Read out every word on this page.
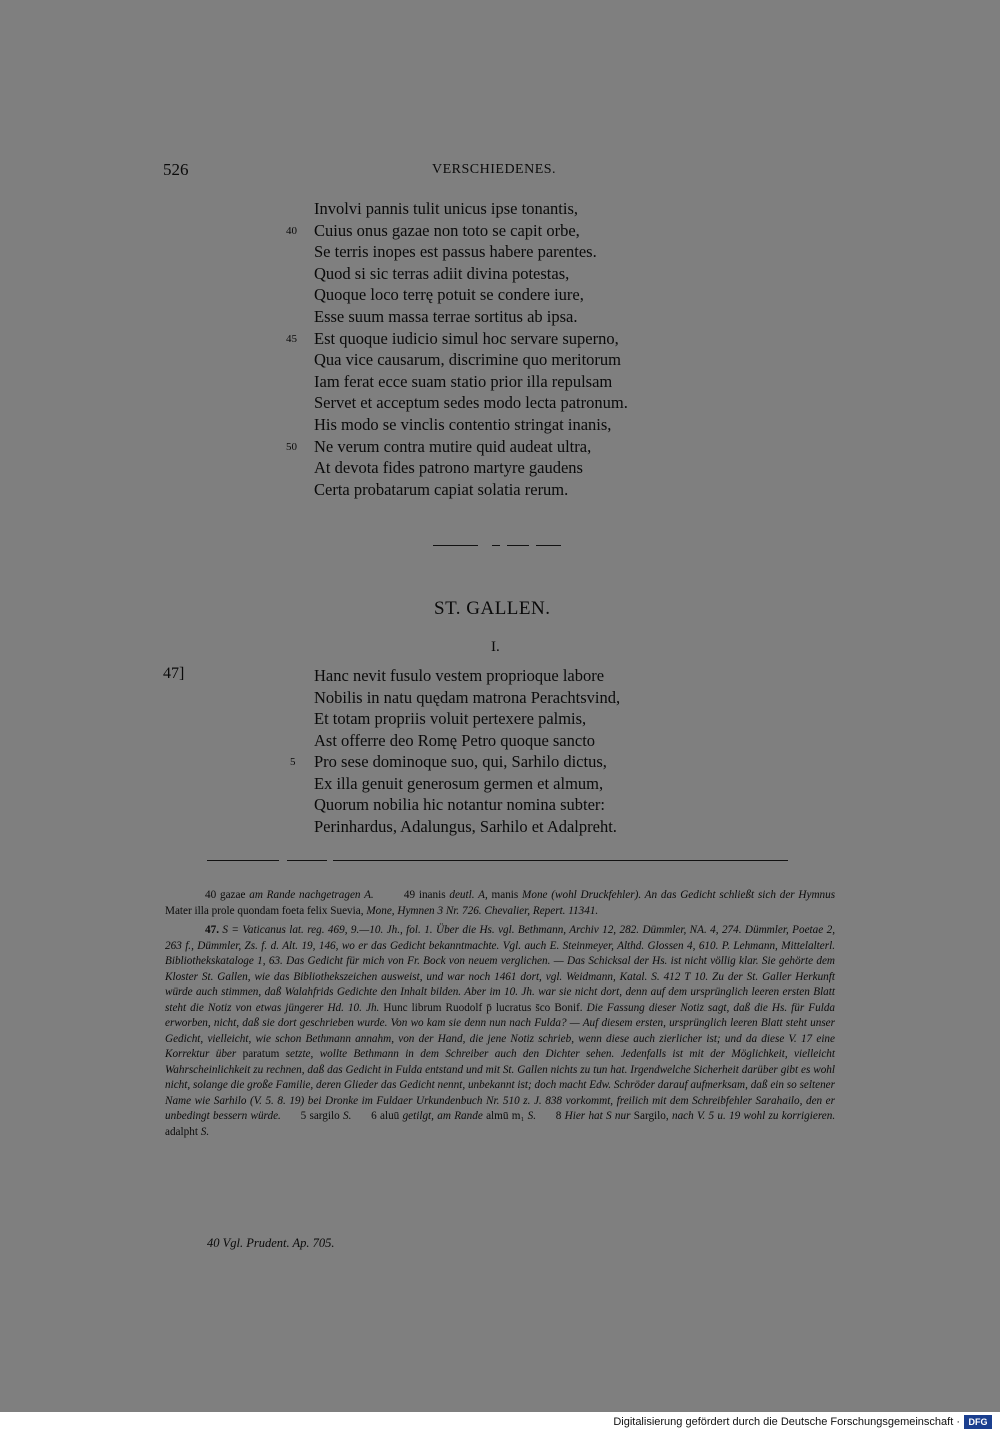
526	VERSCHIEDENES.
Involvi pannis tulit unicus ipse tonantis,
Cuius onus gazae non toto se capit orbe,
Se terris inopes est passus habere parentes.
Quod si sic terras adiit divina potestas,
Quoque loco terrę potuit se condere iure,
Esse suum massa terrae sortitus ab ipsa.
Est quoque iudicio simul hoc servare superno,
Qua vice causarum, discrimine quo meritorum
Iam ferat ecce suam statio prior illa repulsam
Servet et acceptum sedes modo lecta patronum.
His modo se vinclis contentio stringat inanis,
Ne verum contra mutire quid audeat ultra,
At devota fides patrono martyre gaudens
Certa probatarum capiat solatia rerum.
40
45
50
ST. GALLEN.
I.
47]	Hanc nevit fusulo vestem proprioque labore
Nobilis in natu quędam matrona Perachtsvind,
Et totam propriis voluit pertexere palmis,
Ast offerre deo Romę Petro quoque sancto
Pro sese dominoque suo, qui, Sarhilo dictus,
Ex illa genuit generosum germen et almum,
Quorum nobilia hic notantur nomina subter:
Perinhardus, Adalungus, Sarhilo et Adalpreht.
5

40 gazae am Rande nachgetragen A.	49 inanis deutl. A, manis Mone (wohl Druckfehler). An das Gedicht schließt sich der Hymnus Mater illa prole quondam foeta felix Suevia, Mone, Hymnen 3 Nr. 726. Chevalier, Repert. 11341.

47. S = Vaticanus lat. reg. 469, 9.—10. Jh., fol. 1. Über die Hs. vgl. Bethmann, Archiv 12, 282. Dümmler, NA. 4, 274. Dümmler, Poetae 2, 263 f., Dümmler, Zs. f. d. Alt. 19, 146, wo er das Gedicht bekanntmachte. Vgl. auch E. Steinmeyer, Althd. Glossen 4, 610. P. Lehmann, Mittelalterl. Bibliothekskataloge 1, 63. Das Gedicht für mich von Fr. Bock von neuem verglichen. — Das Schicksal der Hs. ist nicht völlig klar. Sie gehörte dem Kloster St. Gallen, wie das Bibliothekszeichen ausweist, und war noch 1461 dort, vgl. Weidmann, Katal. S. 412 T 10. Zu der St. Galler Herkunft würde auch stimmen, daß Walahfrids Gedichte den Inhalt bilden. Aber im 10. Jh. war sie nicht dort, denn auf dem ursprünglich leeren ersten Blatt steht die Notiz von etwas jüngerer Hd. 10. Jh. Hunc librum Ruodolf p̄ lucratus s̄co Bonif. Die Fassung dieser Notiz sagt, daß die Hs. für Fulda erworben, nicht, daß sie dort geschrieben wurde. Von wo kam sie denn nun nach Fulda? — Auf diesem ersten, ursprünglich leeren Blatt steht unser Gedicht, vielleicht, wie schon Bethmann annahm, von der Hand, die jene Notiz schrieb, wenn diese auch zierlicher ist; und da diese V. 17 eine Korrektur über paratum setzte, wollte Bethmann in dem Schreiber auch den Dichter sehen. Jedenfalls ist mit der Möglichkeit, vielleicht Wahrscheinlichkeit zu rechnen, daß das Gedicht in Fulda entstand und mit St. Gallen nichts zu tun hat. Irgendwelche Sicherheit darüber gibt es wohl nicht, solange die große Familie, deren Glieder das Gedicht nennt, unbekannt ist; doch macht Edw. Schröder darauf aufmerksam, daß ein so seltener Name wie Sarhilo (V. 5. 8. 19) bei Dronke im Fuldaer Urkundenbuch Nr. 510 z. J. 838 vorkommt, freilich mit dem Schreibfehler Sarahailo, den er unbedingt bessern würde. 5 sargilo S. 6 aluū getilgt, am Rande almū m₁ S. 8 Hier hat S nur Sargilo, nach V. 5 u. 19 wohl zu korrigieren. adalpht S.

40 Vgl. Prudent. Ap. 705.
Digitalisierung gefördert durch die Deutsche Forschungsgemeinschaft · DFG
